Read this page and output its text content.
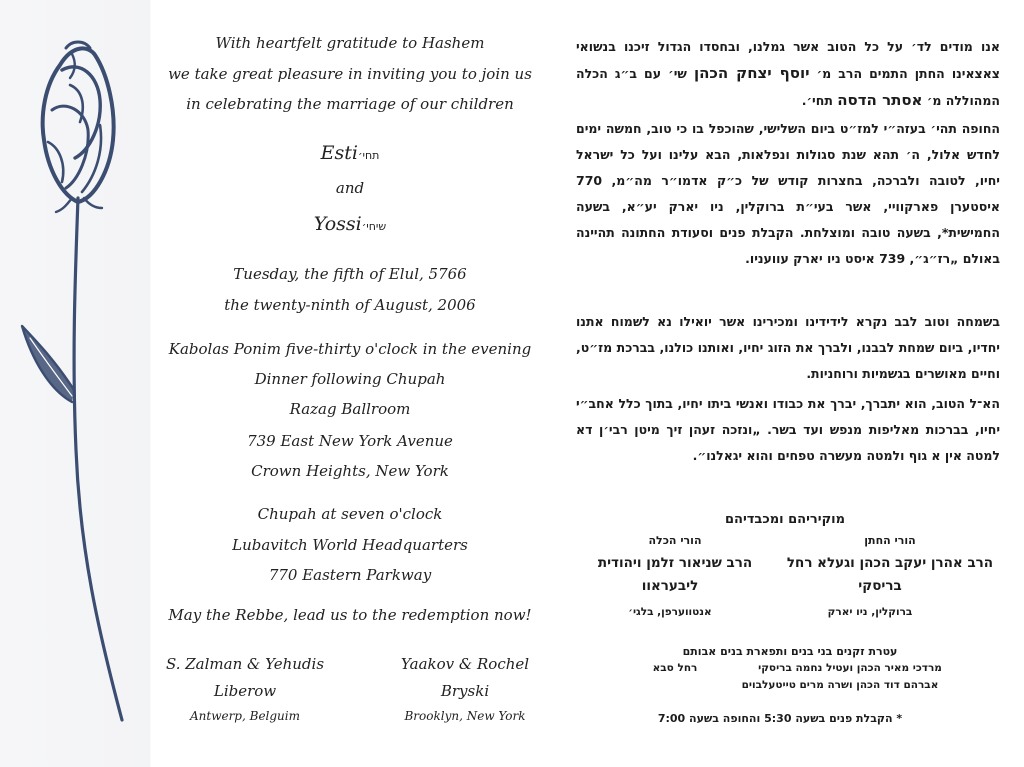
With heartfelt gratitude to Hashem
we take great pleasure in inviting you to join us
in celebrating the marriage of our children
Estiתחי׳
and
Yossiשיחי׳
Tuesday, the fifth of Elul, 5766
the twenty-ninth of August, 2006
Kabolas Ponim five-thirty o'clock in the evening
Dinner following Chupah
Razag Ballroom
739 East New York Avenue
Crown Heights, New York
Chupah at seven o'clock
Lubavitch World Headquarters
770 Eastern Parkway
May the Rebbe, lead us to the redemption now!
S. Zalman & Yehudis
Liberow
Antwerp, Belguim
Yaakov & Rochel
Bryski
Brooklyn, New York
אנו מודים לד׳ על כל הטוב אשר גמלנו, ובחסדו הגדול זיכנו בנשואי צאצאינו החתן התמים הרב מ׳ יוסף יצחק הכהן שי׳ עם ב״ג הכלה המהוללה מ׳ אסתר הדסה תחי׳.
החופה תהי׳ בעזה״י למז״ט ביום השלישי, שהוכפל בו כי טוב, חמשה ימים לחדש אלול, ה׳ תהא שנת סגולות ונפלאות, הבא עלינו ועל כל ישראל יחיו, לטובה ולברכה, בחצרות קודש של כ״ק אדמו״ר מה״מ, 770 איסטערן פארקוויי, אשר בעי״ת ברוקלין, ניו יארק יע״א, בשעה החמישית*, בשעה טובה ומוצלחת. הקבלת פנים וסעודת החתונה תהיינה באולם „רז״ג״, 739 איסט ניו יארק עוועניו.
בשמחה וטוב לבב נקרא לידידינו ומכירינו אשר יואילו נא לשמוח אתנו יחדיו, ביום שמחת לבבנו, ולברך את הזוג יחיו, ואותנו כולנו, בברכת מז״ט, וחיים מאושרים בגשמיות ורוחניות.
הא־ל הטוב, הוא יתברך, יברך את כבודו ואנשי ביתו יחיו, בתוך כלל אחב״י יחיו, בברכות מאליפות מנפש ועד בשר. „ונזכה זעהן זיך מיטן רבי׳ן דא למטה אין א גוף ולמטה מעשרה טפחים והוא יגאלנו״.
מוקיריהם ומכבדיהם
הורי החתן
הורי הכלה
הרב אהרן יעקב הכהן וגעלא רחל
בריסקי
הרב שניאור זלמן ויהודית
ליבעראוו
ברוקלין, ניו יארק
אנטווערפן, בלגי׳
עטרת זקנים בני בנים ותפארת בנים אבותם
מרדכי מאיר הכהן ועטיל נחמה בריסקי
רחל סבא
אברהם דוד הכהן ושרה מרים טייטעלבוים
* הקבלת פנים בשעה 5:30 והחופה בשעה 7:00
